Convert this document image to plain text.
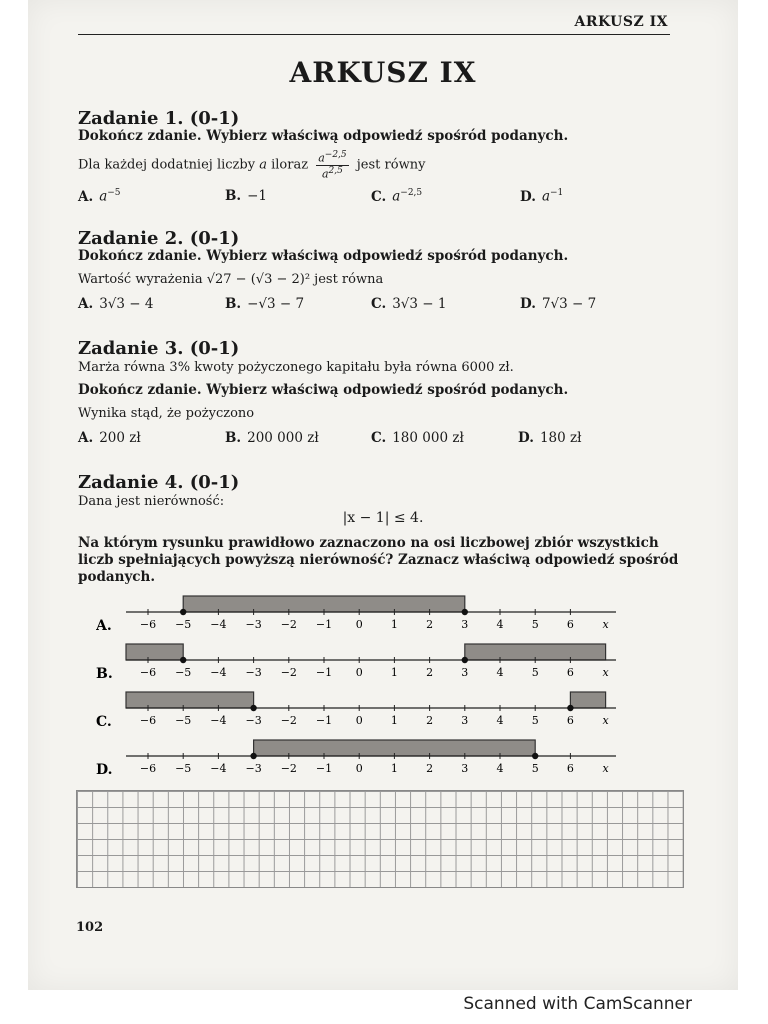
ARKUSZ IX
ARKUSZ IX
Zadanie 1. (0-1)
Dokończ zdanie. Wybierz właściwą odpowiedź spośród podanych.
Dla każdej dodatniej liczby a iloraz $\frac{a^{-2,5}}{a^{2,5}}$ jest równy
A. $a^{-5}$	B. −1	C. $a^{-2,5}$	D. $a^{-1}$
Zadanie 2. (0-1)
Dokończ zdanie. Wybierz właściwą odpowiedź spośród podanych.
Wartość wyrażenia √27 − (√3 − 2)² jest równa
A. 3√3 − 4	B. −√3 − 7	C. 3√3 − 1	D. 7√3 − 7
Zadanie 3. (0-1)
Marża równa 3% kwoty pożyczonego kapitału była równa 6000 zł.
Dokończ zdanie. Wybierz właściwą odpowiedź spośród podanych.
Wynika stąd, że pożyczono
A. 200 zł	B. 200 000 zł	C. 180 000 zł	D. 180 zł
Zadanie 4. (0-1)
Dana jest nierówność:
|x − 1| ≤ 4.
Na którym rysunku prawidłowo zaznaczono na osi liczbowej zbiór wszystkich
liczb spełniających powyższą nierówność? Zaznacz właściwą odpowiedź spośród
podanych.
A.	−6 −5 −4 −3 −2 −1 0	1	2	3	4	5	6	x
B. −6 −5 −4 −3 −2 −1 0	1	2	3	4	5	6	x
C.	−6 −5 −4 −3 −2 −1 0	1	2	3	4	5	6	x
D. −6 −5 −4 −3 −2 −1 0	1	2	3	4	5	6	x
102
Scanned with CamScanner
